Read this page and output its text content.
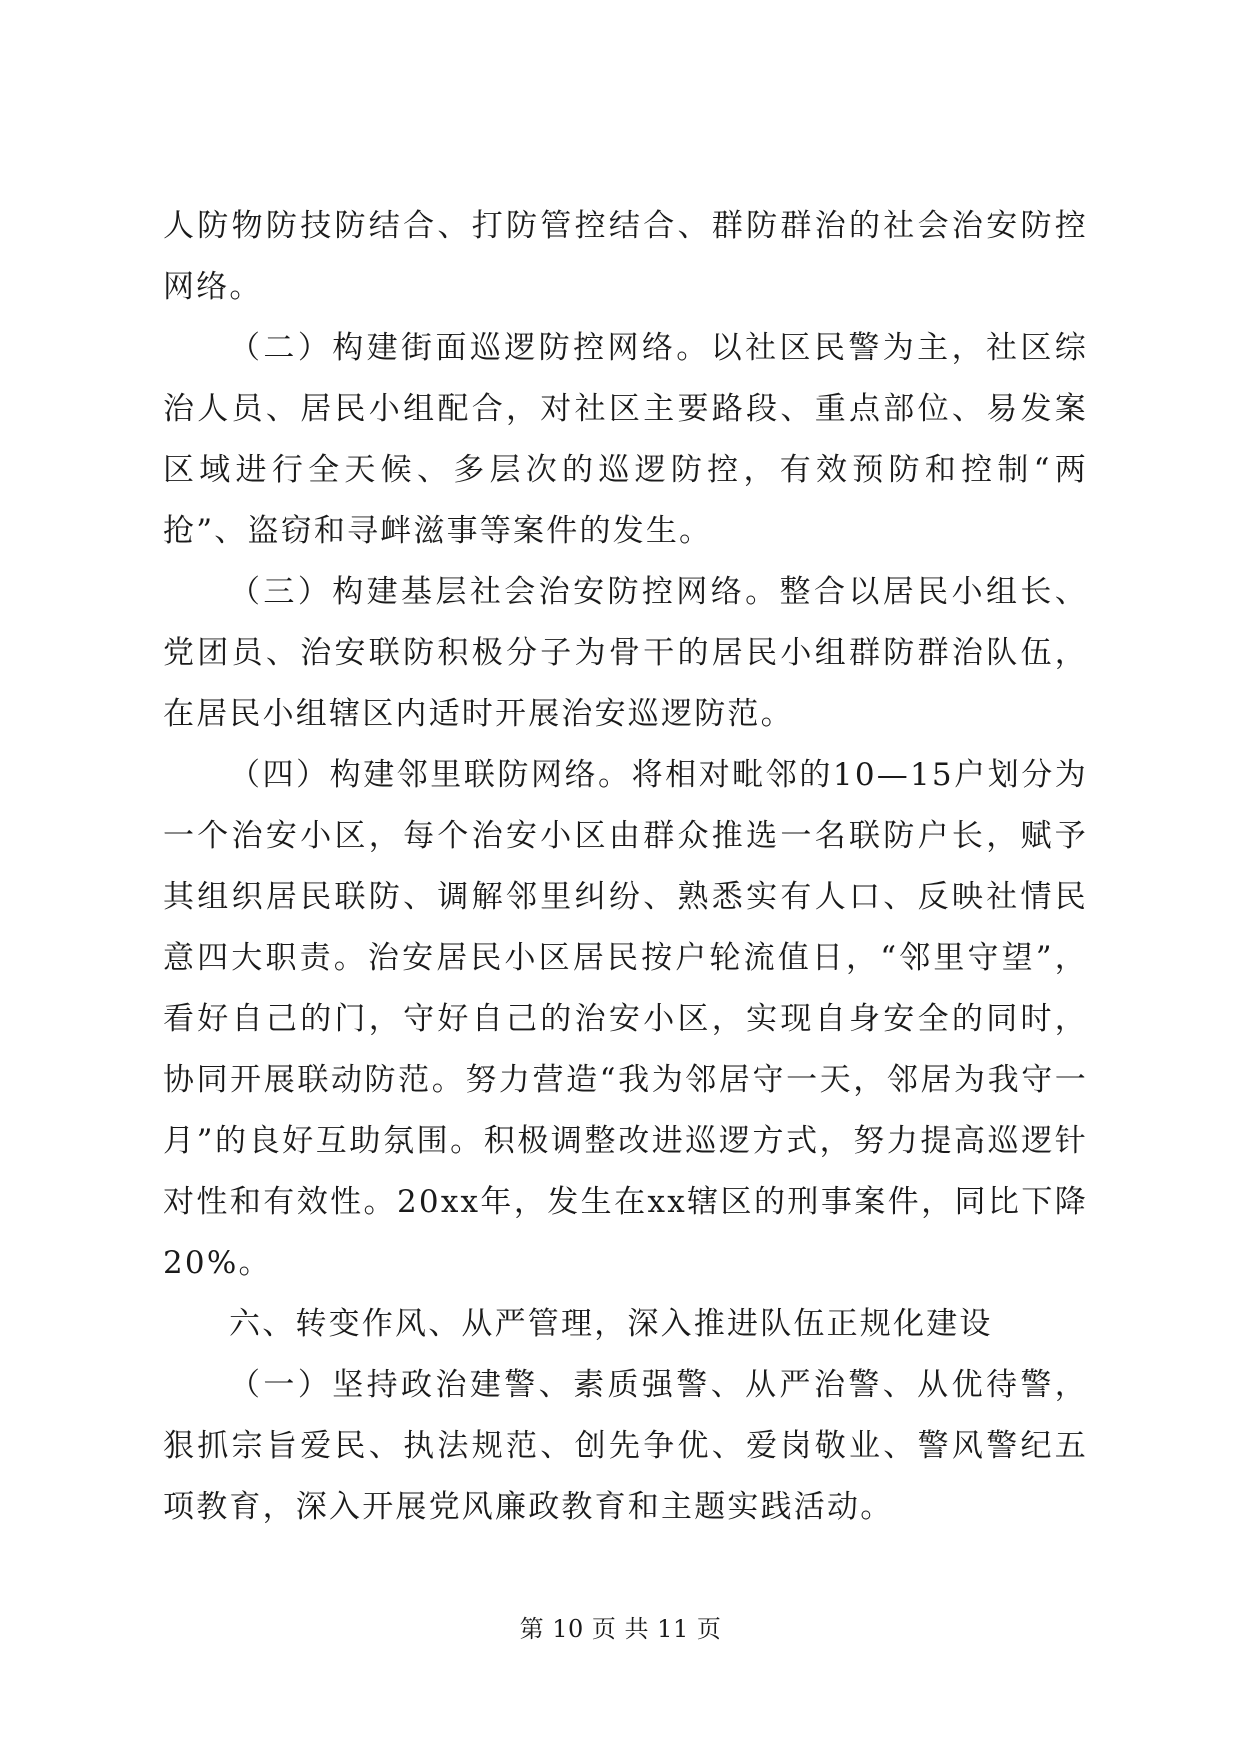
人防物防技防结合、打防管控结合、群防群治的社会治安防控网络。

（二）构建街面巡逻防控网络。以社区民警为主，社区综治人员、居民小组配合，对社区主要路段、重点部位、易发案区域进行全天候、多层次的巡逻防控，有效预防和控制“两抢”、盗窃和寻衅滋事等案件的发生。

（三）构建基层社会治安防控网络。整合以居民小组长、党团员、治安联防积极分子为骨干的居民小组群防群治队伍，在居民小组辖区内适时开展治安巡逻防范。

（四）构建邻里联防网络。将相对毗邻的10—15户划分为一个治安小区，每个治安小区由群众推选一名联防户长，赋予其组织居民联防、调解邻里纠纷、熟悉实有人口、反映社情民意四大职责。治安居民小区居民按户轮流值日，“邻里守望”，看好自己的门，守好自己的治安小区，实现自身安全的同时，协同开展联动防范。努力营造“我为邻居守一天，邻居为我守一月”的良好互助氛围。积极调整改进巡逻方式，努力提高巡逻针对性和有效性。20xx年，发生在xx辖区的刑事案件，同比下降20%。

六、转变作风、从严管理，深入推进队伍正规化建设

（一）坚持政治建警、素质强警、从严治警、从优待警，狠抓宗旨爱民、执法规范、创先争优、爱岗敬业、警风警纪五项教育，深入开展党风廉政教育和主题实践活动。

第 10 页 共 11 页
